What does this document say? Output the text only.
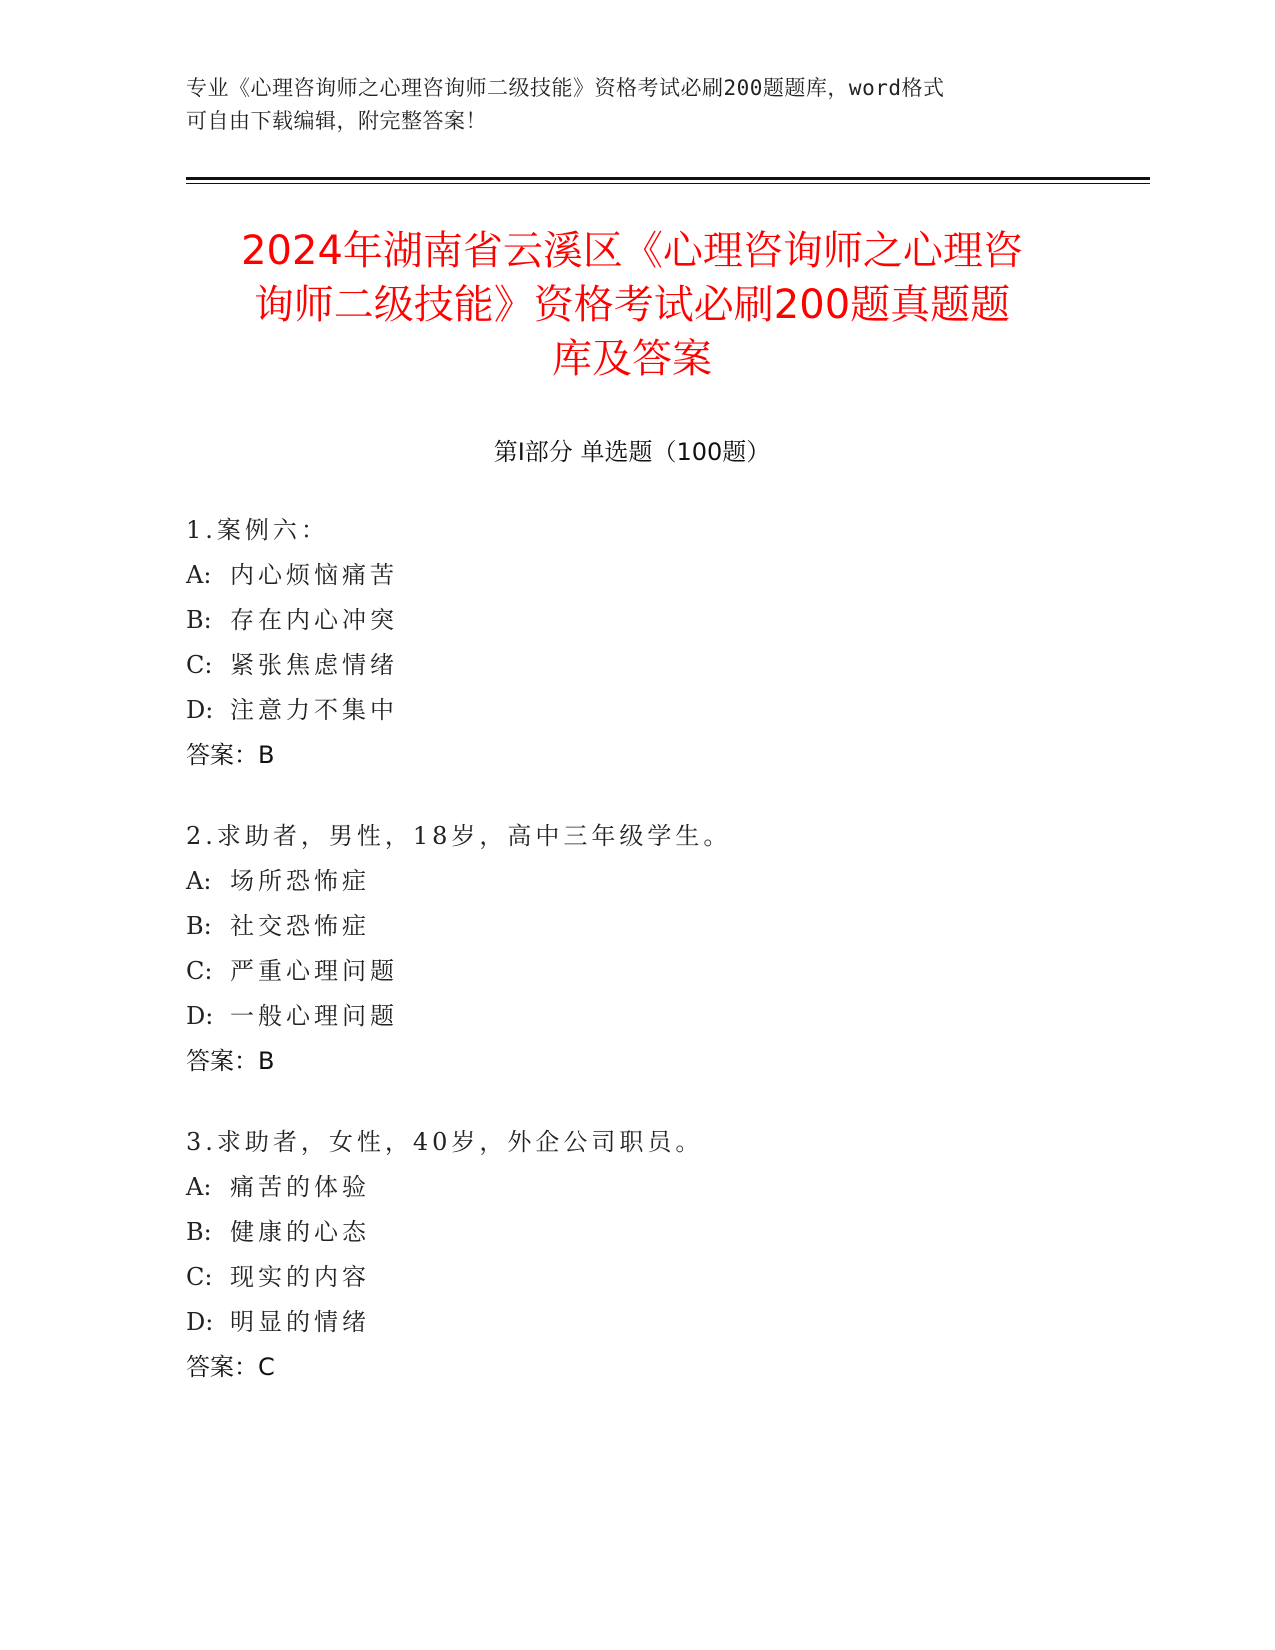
专业《心理咨询师之心理咨询师二级技能》资格考试必刷200题题库，word格式
可自由下载编辑，附完整答案！
2024年湖南省云溪区《心理咨询师之心理咨
询师二级技能》资格考试必刷200题真题题
库及答案
第Ⅰ部分 单选题（100题）
1.案例六：
A: 内心烦恼痛苦
B: 存在内心冲突
C: 紧张焦虑情绪
D: 注意力不集中
答案：B
2.求助者，男性，18岁，高中三年级学生。
A: 场所恐怖症
B: 社交恐怖症
C: 严重心理问题
D: 一般心理问题
答案：B
3.求助者，女性，40岁，外企公司职员。
A: 痛苦的体验
B: 健康的心态
C: 现实的内容
D: 明显的情绪
答案：C
